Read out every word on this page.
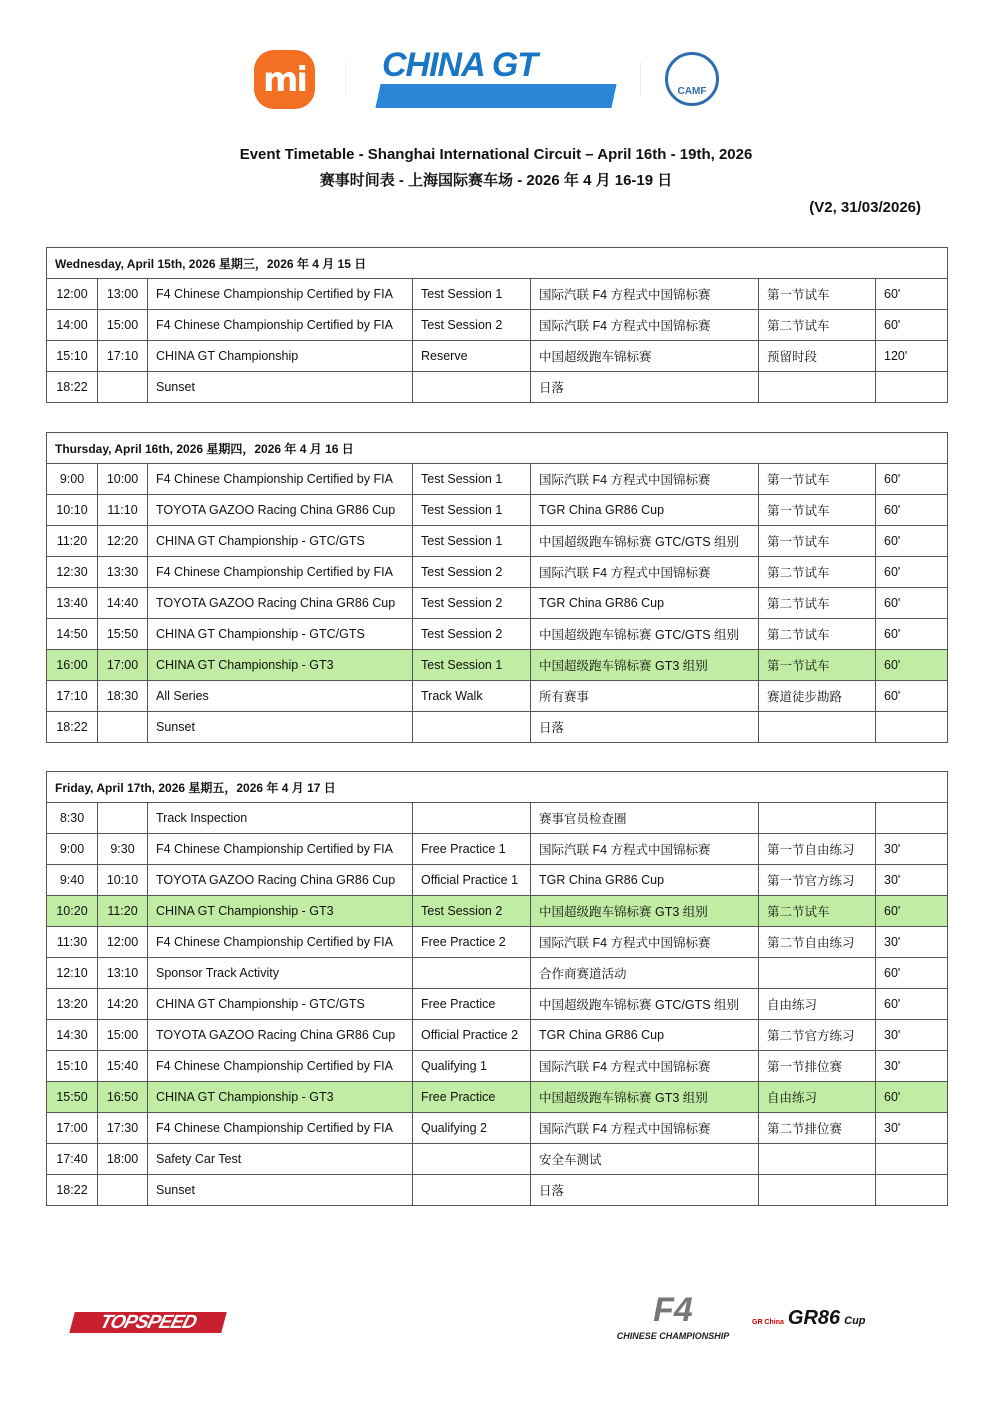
mi CHINA GT
CAMF
Event Timetable - Shanghai International Circuit – April 16th - 19th, 2026
赛事时间表 - 上海国际赛车场 - 2026 年 4 月 16-19 日
(V2, 31/03/2026)
Wednesday, April 15th, 2026 星期三，2026 年 4 月 15 日						
12:00	13:00	F4 Chinese Championship Certified by FIA	Test Session 1	国际汽联 F4 方程式中国锦标赛	第一节试车	60'
14:00	15:00	F4 Chinese Championship Certified by FIA	Test Session 2	国际汽联 F4 方程式中国锦标赛	第二节试车	60'
15:10	17:10	CHINA GT Championship	Reserve	中国超级跑车锦标赛	预留时段	120'
18:22		Sunset		日落		
Thursday, April 16th, 2026 星期四，2026 年 4 月 16 日						
9:00	10:00	F4 Chinese Championship Certified by FIA	Test Session 1	国际汽联 F4 方程式中国锦标赛	第一节试车	60'
10:10	11:10	TOYOTA GAZOO Racing China GR86 Cup	Test Session 1	TGR China GR86 Cup	第一节试车	60'
11:20	12:20	CHINA GT Championship - GTC/GTS	Test Session 1	中国超级跑车锦标赛 GTC/GTS 组别	第一节试车	60'
12:30	13:30	F4 Chinese Championship Certified by FIA	Test Session 2	国际汽联 F4 方程式中国锦标赛	第二节试车	60'
13:40	14:40	TOYOTA GAZOO Racing China GR86 Cup	Test Session 2	TGR China GR86 Cup	第二节试车	60'
14:50	15:50	CHINA GT Championship - GTC/GTS	Test Session 2	中国超级跑车锦标赛 GTC/GTS 组别	第二节试车	60'
16:00	17:00	CHINA GT Championship - GT3	Test Session 1	中国超级跑车锦标赛 GT3 组别	第一节试车	60'
17:10	18:30	All Series	Track Walk	所有赛事	赛道徒步勘路	60'
18:22		Sunset		日落		
Friday, April 17th, 2026 星期五，2026 年 4 月 17 日						
8:30		Track Inspection		赛事官员检查圈		
9:00	9:30	F4 Chinese Championship Certified by FIA	Free Practice 1	国际汽联 F4 方程式中国锦标赛	第一节自由练习	30'
9:40	10:10	TOYOTA GAZOO Racing China GR86 Cup	Official Practice 1	TGR China GR86 Cup	第一节官方练习	30'
10:20	11:20	CHINA GT Championship - GT3	Test Session 2	中国超级跑车锦标赛 GT3 组别	第二节试车	60'
11:30	12:00	F4 Chinese Championship Certified by FIA	Free Practice 2	国际汽联 F4 方程式中国锦标赛	第二节自由练习	30'
12:10	13:10	Sponsor Track Activity		合作商赛道活动		60'
13:20	14:20	CHINA GT Championship - GTC/GTS	Free Practice	中国超级跑车锦标赛 GTC/GTS 组别	自由练习	60'
14:30	15:00	TOYOTA GAZOO Racing China GR86 Cup	Official Practice 2	TGR China GR86 Cup	第二节官方练习	30'
15:10	15:40	F4 Chinese Championship Certified by FIA	Qualifying 1	国际汽联 F4 方程式中国锦标赛	第一节排位赛	30'
15:50	16:50	CHINA GT Championship - GT3	Free Practice	中国超级跑车锦标赛 GT3 组别	自由练习	60'
17:00	17:30	F4 Chinese Championship Certified by FIA	Qualifying 2	国际汽联 F4 方程式中国锦标赛	第二节排位赛	30'
17:40	18:00	Safety Car Test		安全车测试		
18:22		Sunset		日落		
TOPSPEED	F4
CHINESE CHAMPIONSHIP
GR China GR86 Cup
